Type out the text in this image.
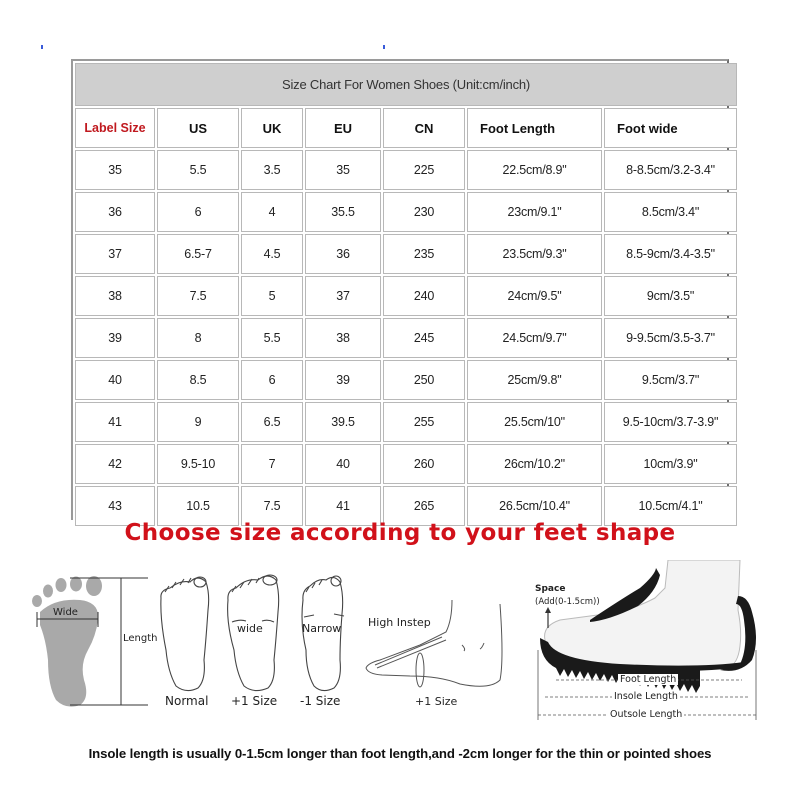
Size Chart For Women Shoes (Unit:cm/inch)						
Label Size	US	UK	EU	CN	Foot Length	Foot wide
35	5.5	3.5	35	225	22.5cm/8.9"	8-8.5cm/3.2-3.4"
36	6	4	35.5	230	23cm/9.1"	8.5cm/3.4"
37	6.5-7	4.5	36	235	23.5cm/9.3"	8.5-9cm/3.4-3.5"
38	7.5	5	37	240	24cm/9.5"	9cm/3.5"
39	8	5.5	38	245	24.5cm/9.7"	9-9.5cm/3.5-3.7"
40	8.5	6	39	250	25cm/9.8"	9.5cm/3.7"
41	9	6.5	39.5	255	25.5cm/10"	9.5-10cm/3.7-3.9"
42	9.5-10	7	40	260	26cm/10.2"	10cm/3.9"
43	10.5	7.5	41	265	26.5cm/10.4"	10.5cm/4.1"
Choose size according to your feet shape
Wide
Length
wide	Narrow
Normal +1 Size -1 Size
High Instep
+1 Size
Space
(Add(0-1.5cm))
Foot Length
Insole Length
Outsole Length
Insole length is usually 0-1.5cm longer than foot length,and -2cm longer for the thin or pointed shoes
